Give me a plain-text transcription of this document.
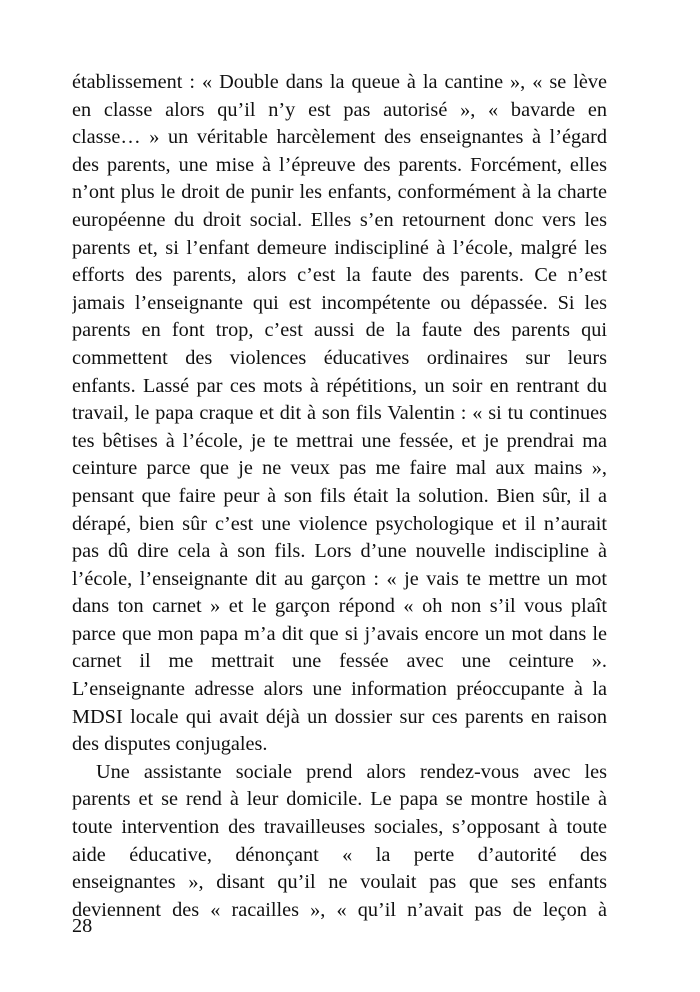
établissement : « Double dans la queue à la cantine », « se lève
en classe alors qu’il n’y est pas autorisé », « bavarde en
classe… » un véritable harcèlement des enseignantes à l’égard
des parents, une mise à l’épreuve des parents. Forcément, elles
n’ont plus le droit de punir les enfants, conformément à la charte
européenne du droit social. Elles s’en retournent donc vers les
parents et, si l’enfant demeure indiscipliné à l’école, malgré les
efforts des parents, alors c’est la faute des parents. Ce n’est
jamais l’enseignante qui est incompétente ou dépassée. Si les
parents en font trop, c’est aussi de la faute des parents qui
commettent des violences éducatives ordinaires sur leurs
enfants. Lassé par ces mots à répétitions, un soir en rentrant du
travail, le papa craque et dit à son fils Valentin : « si tu continues
tes bêtises à l’école, je te mettrai une fessée, et je prendrai ma
ceinture parce que je ne veux pas me faire mal aux mains »,
pensant que faire peur à son fils était la solution. Bien sûr, il a
dérapé, bien sûr c’est une violence psychologique et il n’aurait
pas dû dire cela à son fils. Lors d’une nouvelle indiscipline à
l’école, l’enseignante dit au garçon : « je vais te mettre un mot
dans ton carnet » et le garçon répond « oh non s’il vous plaît
parce que mon papa m’a dit que si j’avais encore un mot dans le
carnet il me mettrait une fessée avec une ceinture ».
L’enseignante adresse alors une information préoccupante à la
MDSI locale qui avait déjà un dossier sur ces parents en raison
des disputes conjugales.
Une assistante sociale prend alors rendez-vous avec les
parents et se rend à leur domicile. Le papa se montre hostile à
toute intervention des travailleuses sociales, s’opposant à toute
aide éducative, dénonçant « la perte d’autorité des
enseignantes », disant qu’il ne voulait pas que ses enfants
deviennent des « racailles », « qu’il n’avait pas de leçon à
28
